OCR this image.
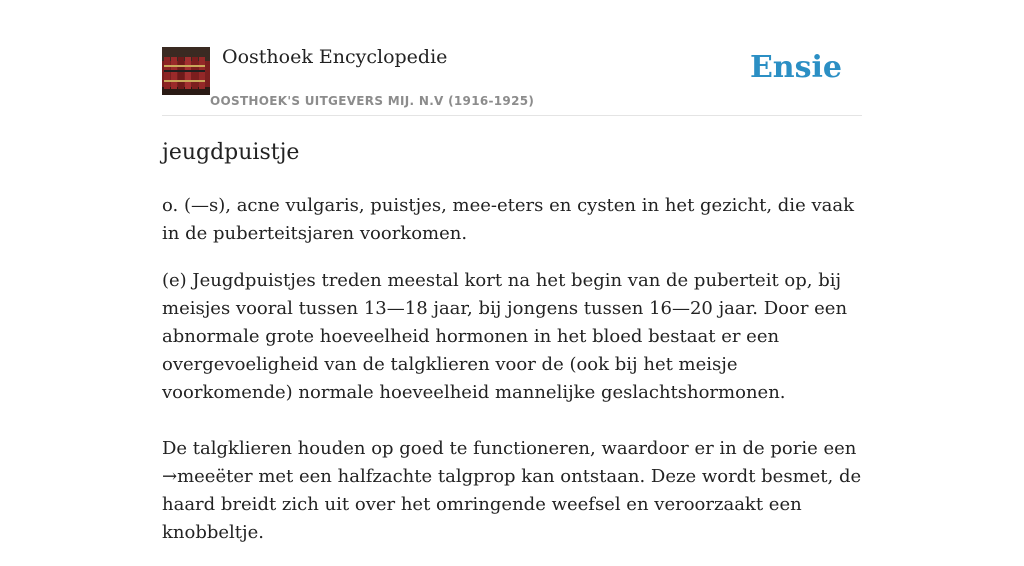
Oosthoek Encyclopedie
OOSTHOEK'S UITGEVERS MIJ. N.V (1916-1925)
Ensie
jeugdpuistje

o. (—s), acne vulgaris, puistjes, mee-eters en cysten in het gezicht, die vaak in de puberteitsjaren voorkomen.

(e) Jeugdpuistjes treden meestal kort na het begin van de puberteit op, bij meisjes vooral tussen 13—18 jaar, bij jongens tussen 16—20 jaar. Door een abnormale grote hoeveelheid hormonen in het bloed bestaat er een overgevoeligheid van de talgklieren voor de (ook bij het meisje voorkomende) normale hoeveelheid mannelijke geslachtshormonen.

De talgklieren houden op goed te functioneren, waardoor er in de porie een →meeëter met een halfzachte talgprop kan ontstaan. Deze wordt besmet, de haard breidt zich uit over het omringende weefsel en veroorzaakt een knobbeltje.
